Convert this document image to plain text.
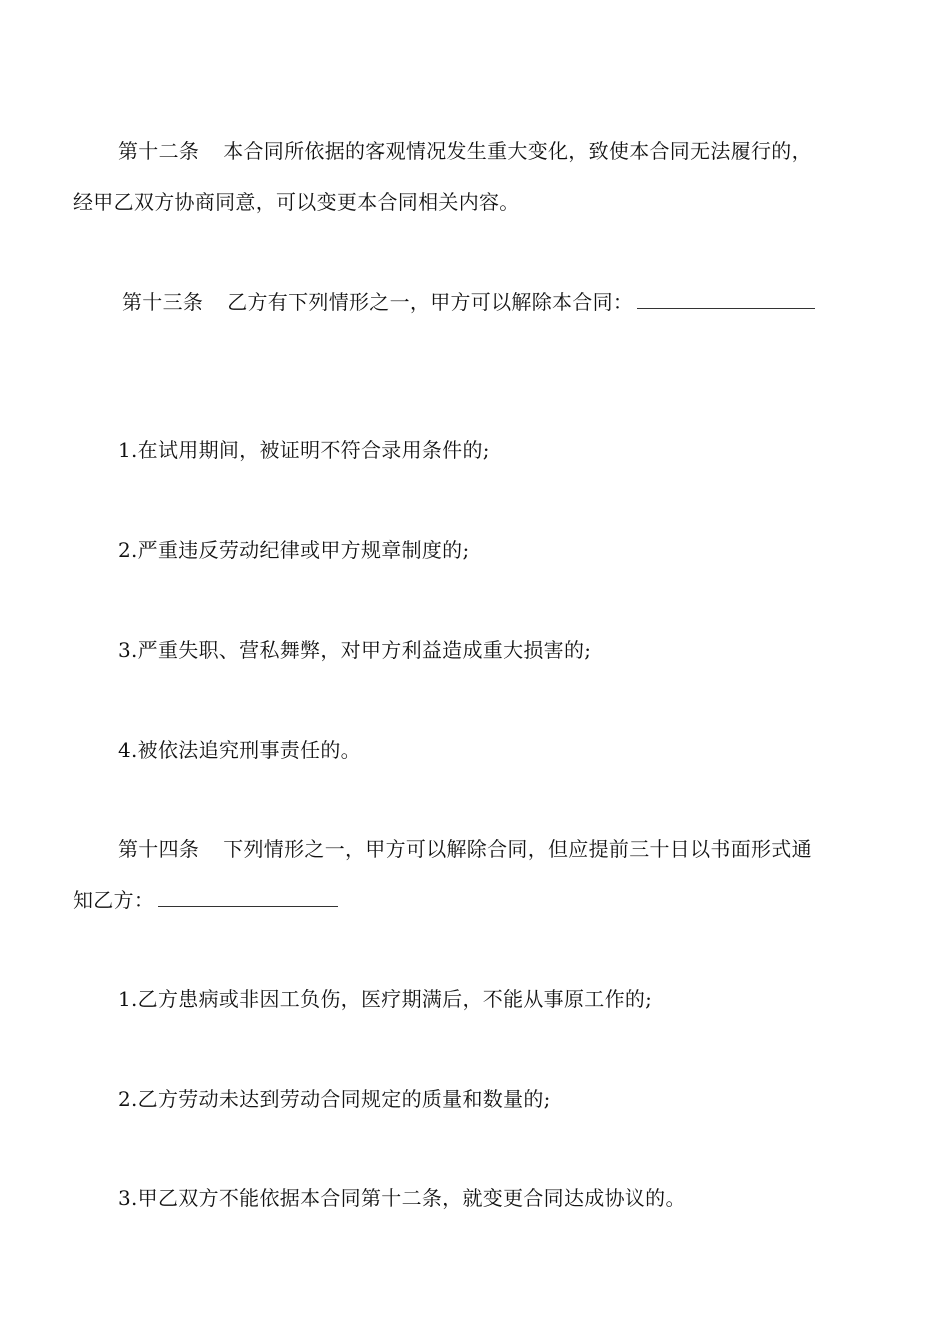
第十二条 本合同所依据的客观情况发生重大变化，致使本合同无法履行的，
经甲乙双方协商同意，可以变更本合同相关内容。
第十三条 乙方有下列情形之一，甲方可以解除本合同：
1.在试用期间，被证明不符合录用条件的;
2.严重违反劳动纪律或甲方规章制度的;
3.严重失职、营私舞弊，对甲方利益造成重大损害的;
4.被依法追究刑事责任的。
第十四条 下列情形之一，甲方可以解除合同，但应提前三十日以书面形式通
知乙方：
1.乙方患病或非因工负伤，医疗期满后，不能从事原工作的;
2.乙方劳动未达到劳动合同规定的质量和数量的;
3.甲乙双方不能依据本合同第十二条，就变更合同达成协议的。
